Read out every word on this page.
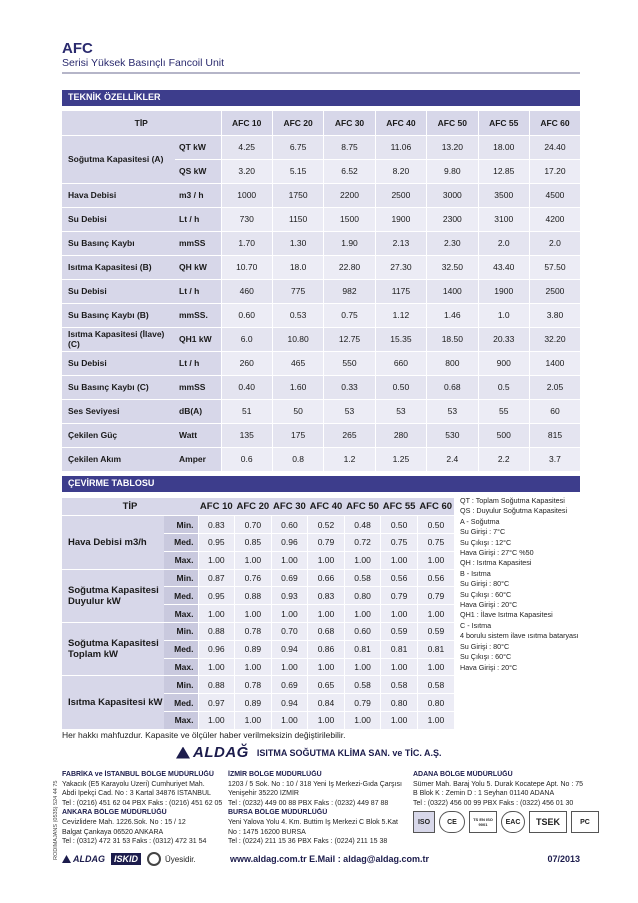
AFC
Serisi Yüksek Basınçlı Fancoil Unit
TEKNİK ÖZELLİKLER
TİP		AFC 10	AFC 20	AFC 30	AFC 40	AFC 50	AFC 55	AFC 60
Soğutma Kapasitesi (A)	QT kW	4.25	6.75	8.75	11.06	13.20	18.00	24.40
	QS kW	3.20	5.15	6.52	8.20	9.80	12.85	17.20
Hava Debisi	m3 / h	1000	1750	2200	2500	3000	3500	4500
Su Debisi	Lt / h	730	1150	1500	1900	2300	3100	4200
Su Basınç Kaybı	mmSS	1.70	1.30	1.90	2.13	2.30	2.0	2.0
Isıtma Kapasitesi (B)	QH kW	10.70	18.0	22.80	27.30	32.50	43.40	57.50
Su Debisi	Lt / h	460	775	982	1175	1400	1900	2500
Su Basınç Kaybı (B)	mmSS.	0.60	0.53	0.75	1.12	1.46	1.0	3.80
Isıtma Kapasitesi (İlave) (C)	QH1 kW	6.0	10.80	12.75	15.35	18.50	20.33	32.20
Su Debisi	Lt / h	260	465	550	660	800	900	1400
Su Basınç Kaybı (C)	mmSS	0.40	1.60	0.33	0.50	0.68	0.5	2.05
Ses Seviyesi	dB(A)	51	50	53	53	53	55	60
Çekilen Güç	Watt	135	175	265	280	530	500	815
Çekilen Akım	Amper	0.6	0.8	1.2	1.25	2.4	2.2	3.7
ÇEVİRME TABLOSU
TİP		AFC 10	AFC 20	AFC 30	AFC 40	AFC 50	AFC 55	AFC 60
Hava Debisi m3/h	Min.	0.83	0.70	0.60	0.52	0.48	0.50	0.50
	Med.	0.95	0.85	0.96	0.79	0.72	0.75	0.75
	Max.	1.00	1.00	1.00	1.00	1.00	1.00	1.00
Soğutma Kapasitesi Duyulur kW	Min.	0.87	0.76	0.69	0.66	0.58	0.56	0.56
	Med.	0.95	0.88	0.93	0.83	0.80	0.79	0.79
	Max.	1.00	1.00	1.00	1.00	1.00	1.00	1.00
Soğutma Kapasitesi Toplam kW	Min.	0.88	0.78	0.70	0.68	0.60	0.59	0.59
	Med.	0.96	0.89	0.94	0.86	0.81	0.81	0.81
	Max.	1.00	1.00	1.00	1.00	1.00	1.00	1.00
Isıtma Kapasitesi kW	Min.	0.88	0.78	0.69	0.65	0.58	0.58	0.58
	Med.	0.97	0.89	0.94	0.84	0.79	0.80	0.80
	Max.	1.00	1.00	1.00	1.00	1.00	1.00	1.00
QT : Toplam Soğutma Kapasitesi
QS : Duyulur Soğutma Kapasitesi
A - Soğutma
Su Girişi : 7°C
Su Çıkışı : 12°C
Hava Girişi : 27°C %50
QH : Isıtma Kapasitesi
B - Isıtma
Su Girişi : 80°C
Su Çıkışı : 60°C
Hava Girişi : 20°C
QH1 : İlave Isıtma Kapasitesi
C - Isıtma
4 borulu sistem ilave ısıtma bataryası
Su Girişi : 80°C
Su Çıkışı : 60°C
Hava Girişi : 20°C
Her hakkı mahfuzdur. Kapasite ve ölçüler haber verilmeksizin değiştirilebilir.
ALDAĞ ISITMA SOĞUTMA KLİMA SAN. ve TİC. A.Ş.
FABRİKA ve İSTANBUL BÖLGE MÜDÜRLÜĞÜ
Yakacık (E5 Karayolu Üzeri) Cumhuriyet Mah.
Abdi İpekçi Cad. No : 3 Kartal 34876 İSTANBUL
Tel : (0216) 451 62 04 PBX Faks : (0216) 451 62 05
ANKARA BÖLGE MÜDÜRLÜĞÜ
Cevizlidere Mah. 1226.Sok. No : 15 / 12
Balgat Çankaya 06520 ANKARA
Tel : (0312) 472 31 53 Faks : (0312) 472 31 54
İZMİR BÖLGE MÜDÜRLÜĞÜ
1203 / 5 Sok. No : 10 / 318 Yeni İş Merkezi-Gıda Çarşısı
Yenişehir 35220 İZMİR
Tel : (0232) 449 00 88 PBX Faks : (0232) 449 87 88
BURSA BÖLGE MÜDÜRLÜĞÜ
Yeni Yalova Yolu 4. Km. Buttim İş Merkezi C Blok 5.Kat
No : 1475 16200 BURSA
Tel : (0224) 211 15 36 PBX Faks : (0224) 211 15 38
ADANA BÖLGE MÜDÜRLÜĞÜ
Sümer Mah. Baraj Yolu 5. Durak Kocatepe Apt. No : 75
B Blok K : Zemin D : 1 Seyhan 01140 ADANA
Tel : (0322) 456 00 99 PBX Faks : (0322) 456 01 30
ISO	CE	TS EN ISO 9001	EAC	TSEK	PC
RODIMAJANS (0535) 524 44 75 ALDAG	ISKID	Üyesidir.	www.aldag.com.tr E.Mail : aldag@aldag.com.tr	07/2013
